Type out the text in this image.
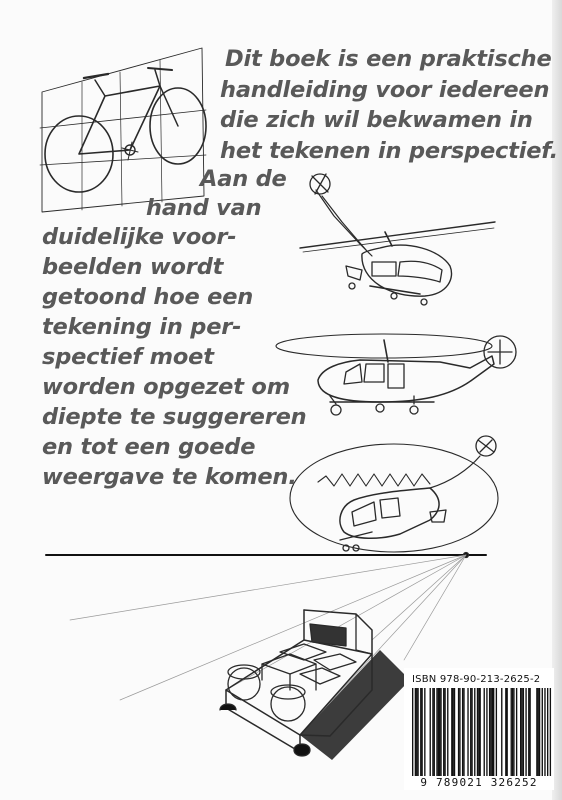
Dit boek is een praktische
handleiding voor iedereen
die zich wil bekwamen in
het tekenen in perspectief.
Aan de
hand van
duidelijke voor-
beelden wordt
getoond hoe een
tekening in per-
spectief moet
worden opgezet om
diepte te suggereren
en tot een goede
weergave te komen.
ISBN 978-90-213-2625-2
9 789021 326252
